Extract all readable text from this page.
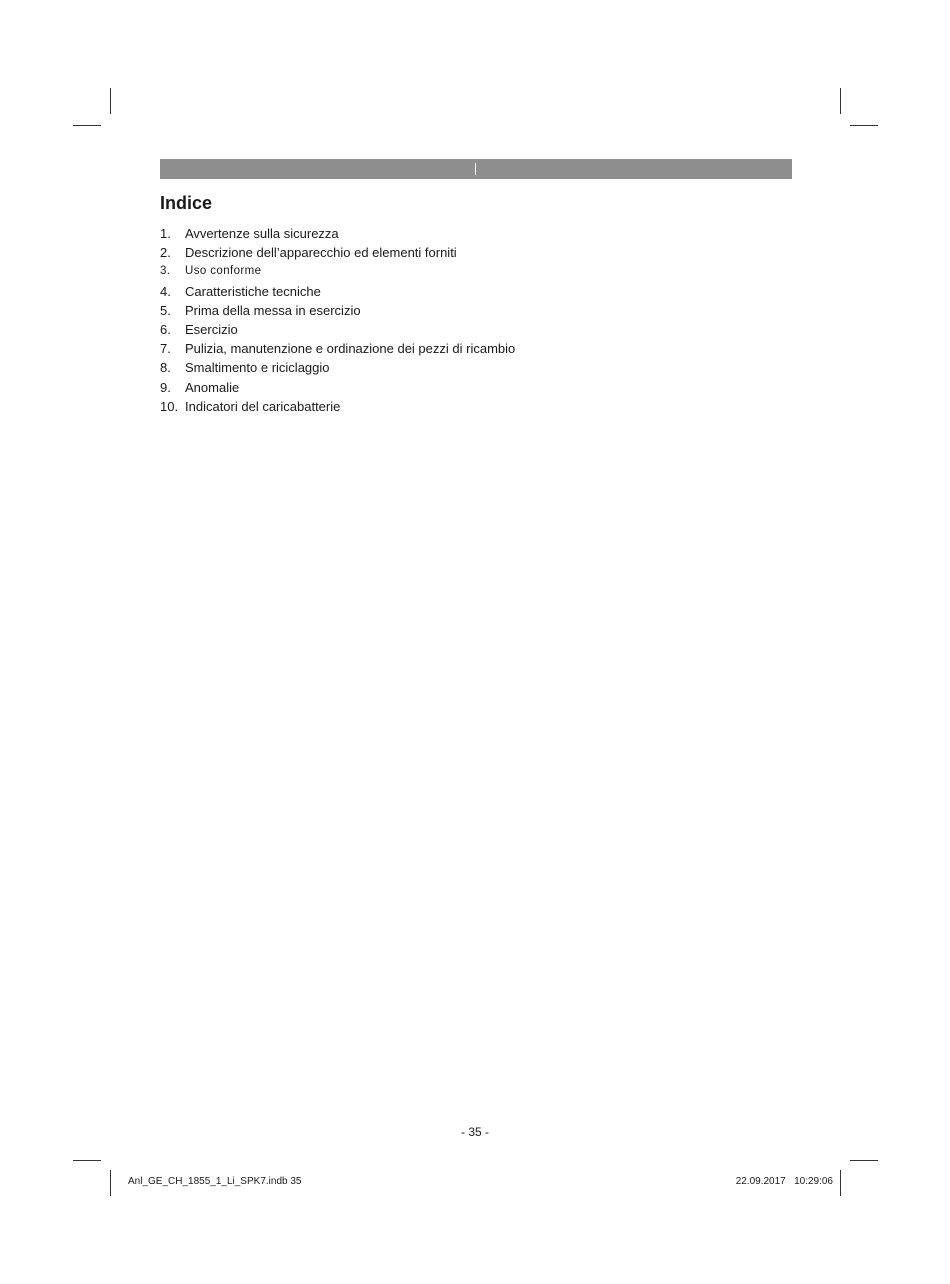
Indice
1.	Avvertenze sulla sicurezza
2.	Descrizione dell’apparecchio ed elementi forniti
3.	Uso conforme
4.	Caratteristiche tecniche
5.	Prima della messa in esercizio
6.	Esercizio
7.	Pulizia, manutenzione e ordinazione dei pezzi di ricambio
8.	Smaltimento e riciclaggio
9.	Anomalie
10. Indicatori del caricabatterie
- 35 -
Anl_GE_CH_1855_1_Li_SPK7.indb 35	22.09.2017   10:29:06
